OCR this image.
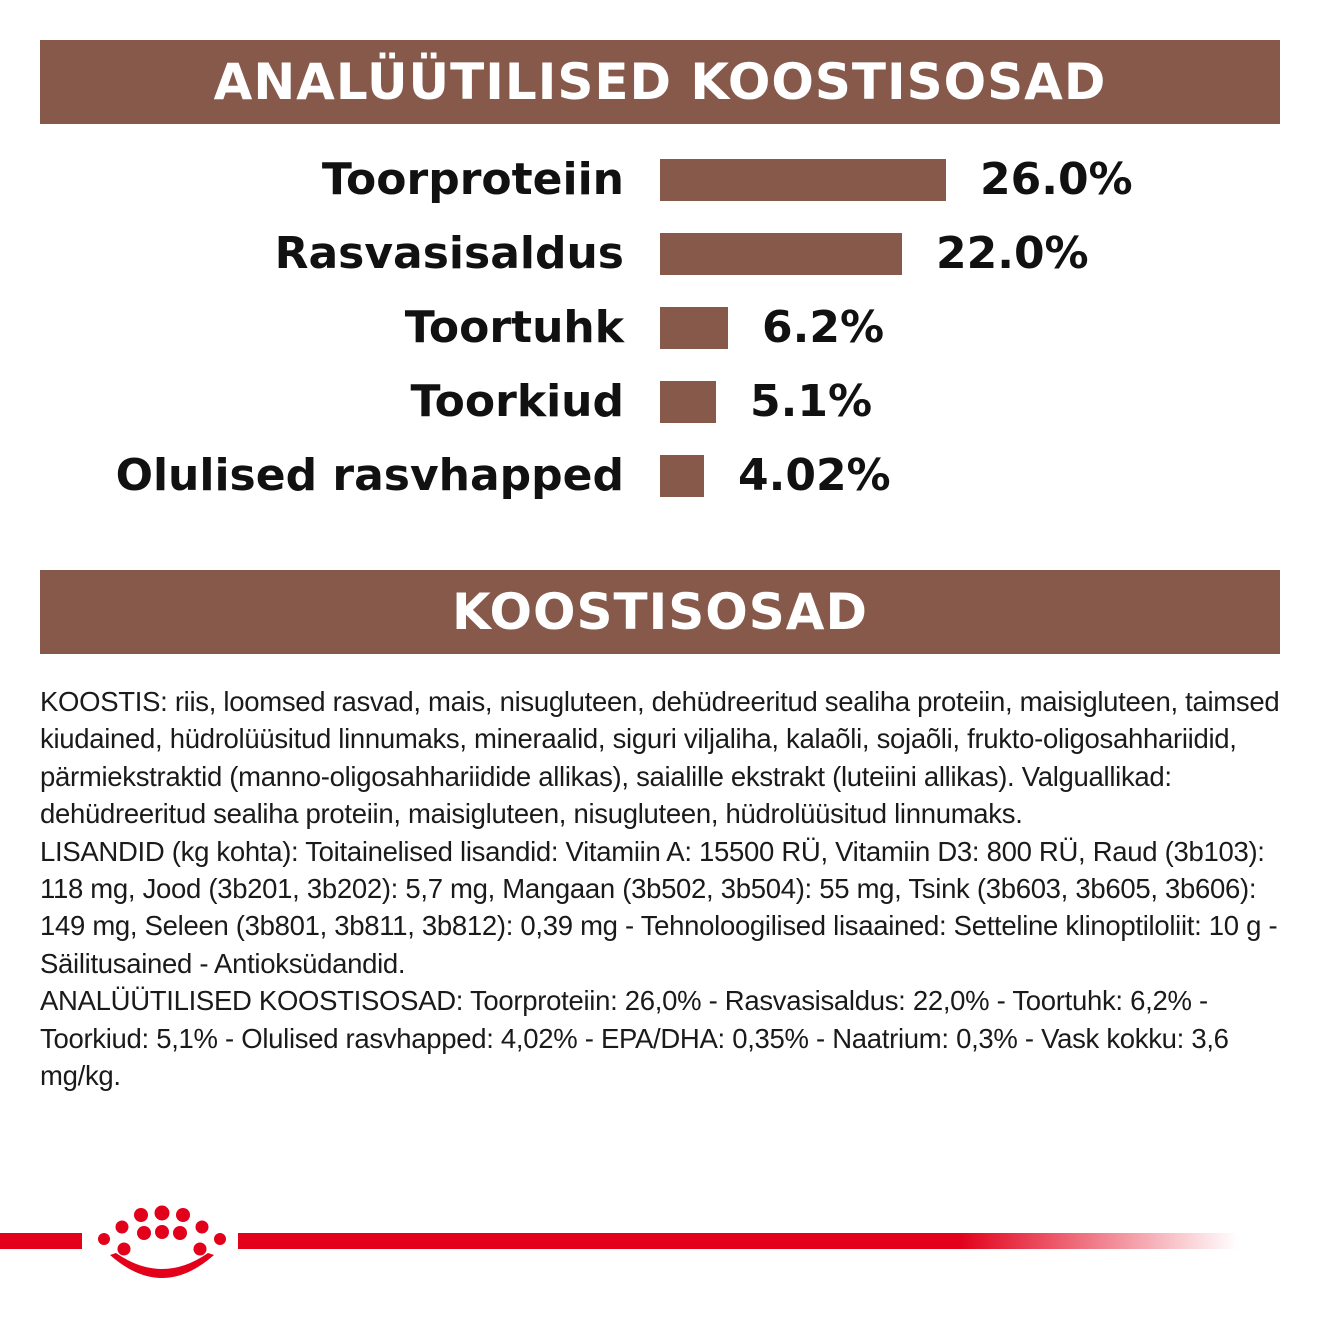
ANALÜÜTILISED KOOSTISOSAD
Toorproteiin	26.0%
Rasvasisaldus	22.0%
Toortuhk	6.2%
Toorkiud	5.1%
Olulised rasvhapped	4.02%
KOOSTISOSAD

KOOSTIS: riis, loomsed rasvad, mais, nisugluteen, dehüdreeritud sealiha proteiin, maisigluteen, taimsed kiudained, hüdrolüüsitud linnumaks, mineraalid, siguri viljaliha, kalaõli, sojaõli, frukto-oligosahhariidid, pärmiekstraktid (manno-oligosahhariidide allikas), saialille ekstrakt (luteiini allikas). Valguallikad: dehüdreeritud sealiha proteiin, maisigluteen, nisugluteen, hüdrolüüsitud linnumaks.

LISANDID (kg kohta): Toitainelised lisandid: Vitamiin A: 15500 RÜ, Vitamiin D3: 800 RÜ, Raud (3b103): 118 mg, Jood (3b201, 3b202): 5,7 mg, Mangaan (3b502, 3b504): 55 mg, Tsink (3b603, 3b605, 3b606): 149 mg, Seleen (3b801, 3b811, 3b812): 0,39 mg - Tehnoloogilised lisaained: Setteline klinoptiloliit: 10 g - Säilitusained - Antioksüdandid.

ANALÜÜTILISED KOOSTISOSAD: Toorproteiin: 26,0% - Rasvasisaldus: 22,0% - Toortuhk: 6,2% - Toorkiud: 5,1% - Olulised rasvhapped: 4,02% - EPA/DHA: 0,35% - Naatrium: 0,3% - Vask kokku: 3,6 mg/kg.
